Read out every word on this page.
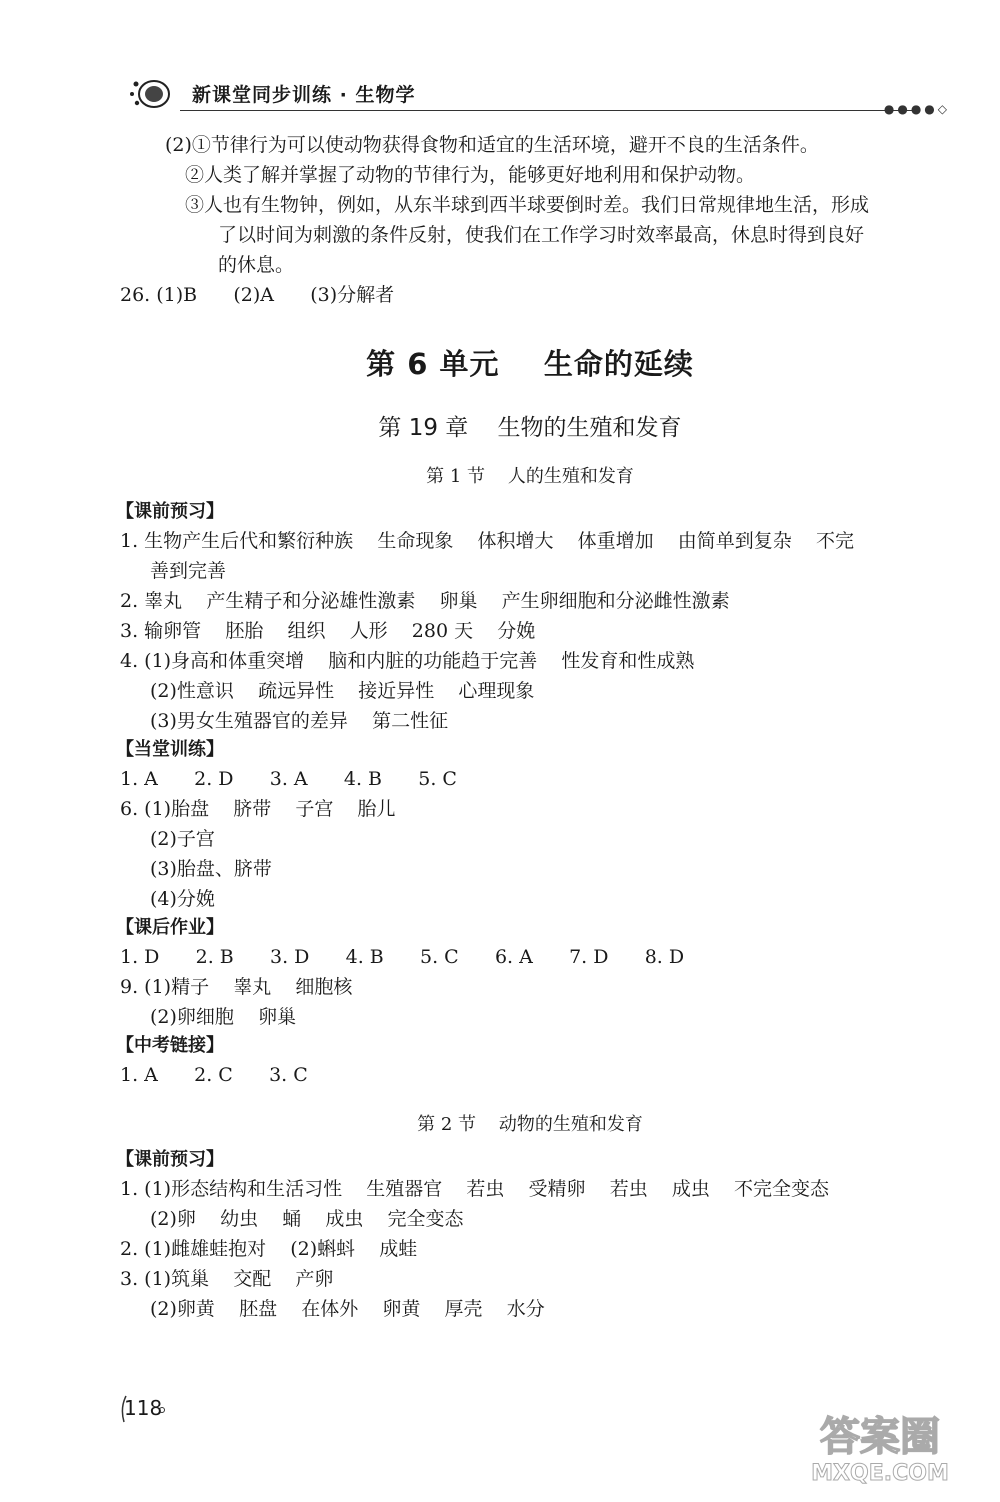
新课堂同步训练 · 生物学
●●●●◇
(2)①节律行为可以使动物获得食物和适宜的生活环境，避开不良的生活条件。
②人类了解并掌握了动物的节律行为，能够更好地利用和保护动物。
③人也有生物钟，例如，从东半球到西半球要倒时差。我们日常规律地生活，形成
了以时间为刺激的条件反射，使我们在工作学习时效率最高，休息时得到良好
的休息。
26. (1)B      (2)A      (3)分解者
第 6 单元    生命的延续
第 19 章    生物的生殖和发育
第 1 节    人的生殖和发育
【课前预习】
1. 生物产生后代和繁衍种族    生命现象    体积增大    体重增加    由简单到复杂    不完
善到完善
2. 睾丸    产生精子和分泌雄性激素    卵巢    产生卵细胞和分泌雌性激素
3. 输卵管    胚胎    组织    人形    280 天    分娩
4. (1)身高和体重突增    脑和内脏的功能趋于完善    性发育和性成熟
(2)性意识    疏远异性    接近异性    心理现象
(3)男女生殖器官的差异    第二性征
【当堂训练】
1. A      2. D      3. A      4. B      5. C
6. (1)胎盘    脐带    子宫    胎儿
(2)子宫
(3)胎盘、脐带
(4)分娩
【课后作业】
1. D      2. B      3. D      4. B      5. C      6. A      7. D      8. D
9. (1)精子    睾丸    细胞核
(2)卵细胞    卵巢
【中考链接】
1. A      2. C      3. C
第 2 节    动物的生殖和发育
【课前预习】
1. (1)形态结构和生活习性    生殖器官    若虫    受精卵    若虫    成虫    不完全变态
(2)卵    幼虫    蛹    成虫    完全变态
2. (1)雌雄蛙抱对    (2)蝌蚪    成蛙
3. (1)筑巢    交配    产卵
(2)卵黄    胚盘    在体外    卵黄    厚壳    水分
118
答案圈
MXQE.COM
